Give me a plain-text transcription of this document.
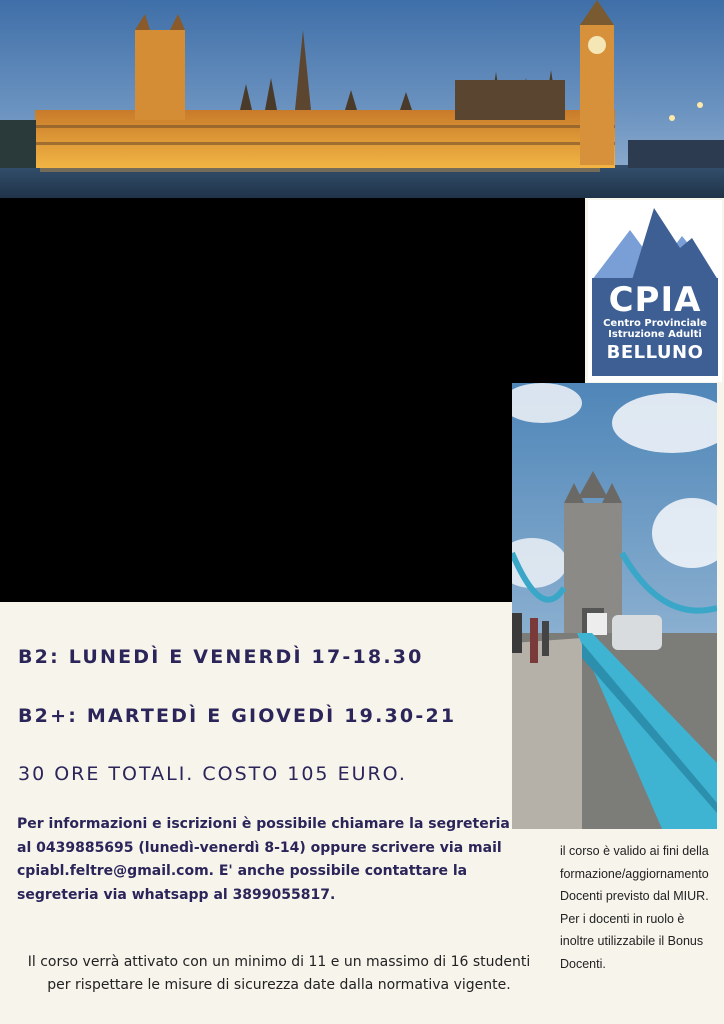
CPIA
Centro Provinciale
Istruzione Adulti
BELLUNO
B2: LUNEDÌ E VENERDÌ 17-18.30
B2+: MARTEDÌ E GIOVEDÌ 19.30-21
30 ORE TOTALI. COSTO 105 EURO.
Per informazioni e iscrizioni è possibile chiamare la segreteria al 0439885695 (lunedì-venerdì 8-14) oppure scrivere via mail cpiabl.feltre@gmail.com. E' anche possibile contattare la segreteria via whatsapp al 3899055817.
Il corso verrà attivato con un minimo di 11 e un massimo di 16 studenti per rispettare le misure di sicurezza date dalla normativa vigente.
il corso è valido ai fini della formazione/aggiornamento Docenti previsto dal MIUR. Per i docenti in ruolo è inoltre utilizzabile il Bonus Docenti.
